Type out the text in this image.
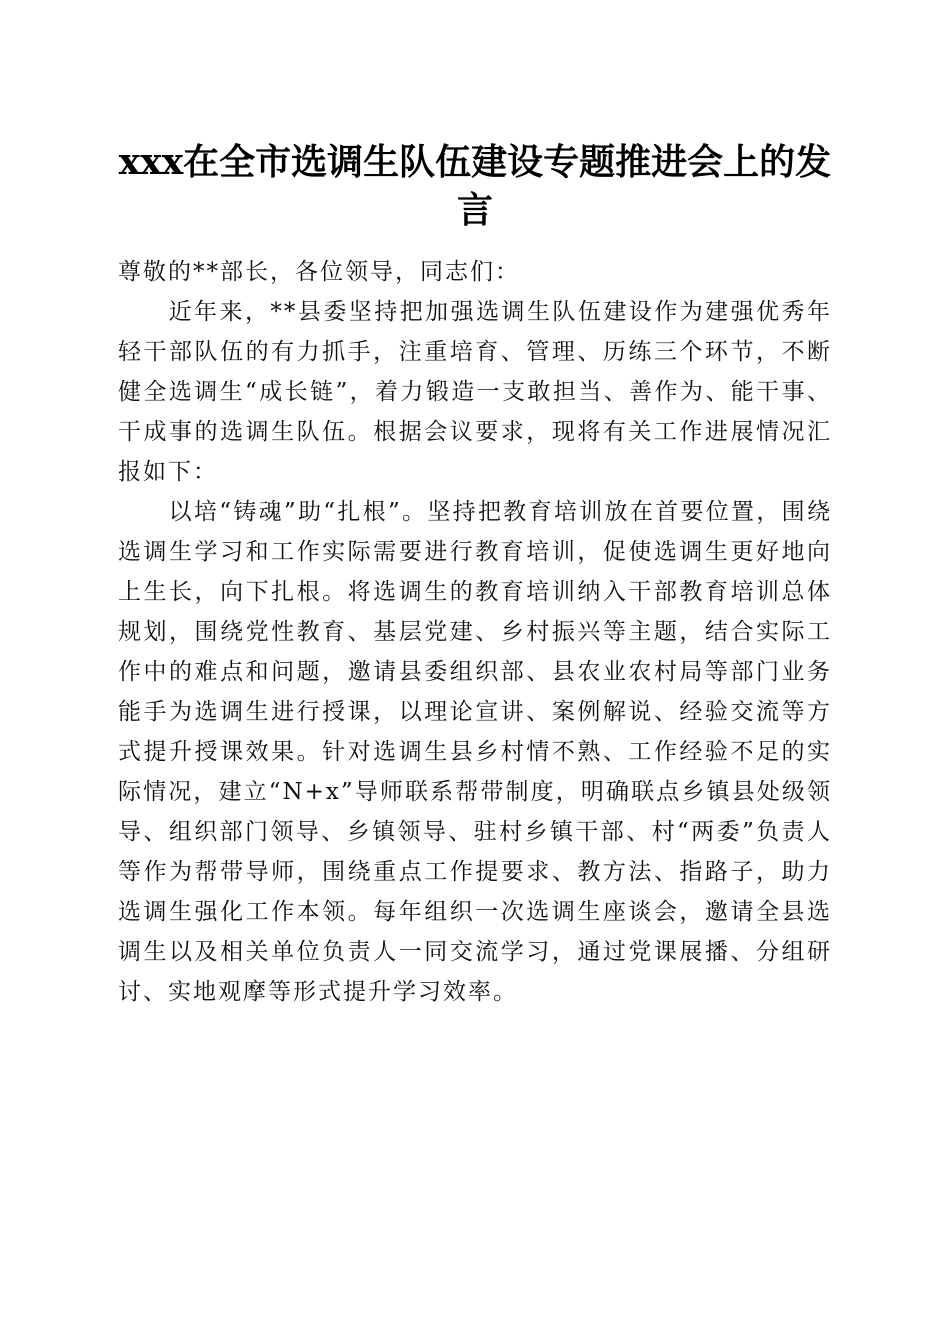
xxx在全市选调生队伍建设专题推进会上的发言

尊敬的**部长，各位领导，同志们：

近年来，**县委坚持把加强选调生队伍建设作为建强优秀年轻干部队伍的有力抓手，注重培育、管理、历练三个环节，不断健全选调生“成长链”，着力锻造一支敢担当、善作为、能干事、干成事的选调生队伍。根据会议要求，现将有关工作进展情况汇报如下：

以培“铸魂”助“扎根”。坚持把教育培训放在首要位置，围绕选调生学习和工作实际需要进行教育培训，促使选调生更好地向上生长，向下扎根。将选调生的教育培训纳入干部教育培训总体规划，围绕党性教育、基层党建、乡村振兴等主题，结合实际工作中的难点和问题，邀请县委组织部、县农业农村局等部门业务能手为选调生进行授课，以理论宣讲、案例解说、经验交流等方式提升授课效果。针对选调生县乡村情不熟、工作经验不足的实际情况，建立“N+x”导师联系帮带制度，明确联点乡镇县处级领导、组织部门领导、乡镇领导、驻村乡镇干部、村“两委”负责人等作为帮带导师，围绕重点工作提要求、教方法、指路子，助力选调生强化工作本领。每年组织一次选调生座谈会，邀请全县选调生以及相关单位负责人一同交流学习，通过党课展播、分组研讨、实地观摩等形式提升学习效率。
